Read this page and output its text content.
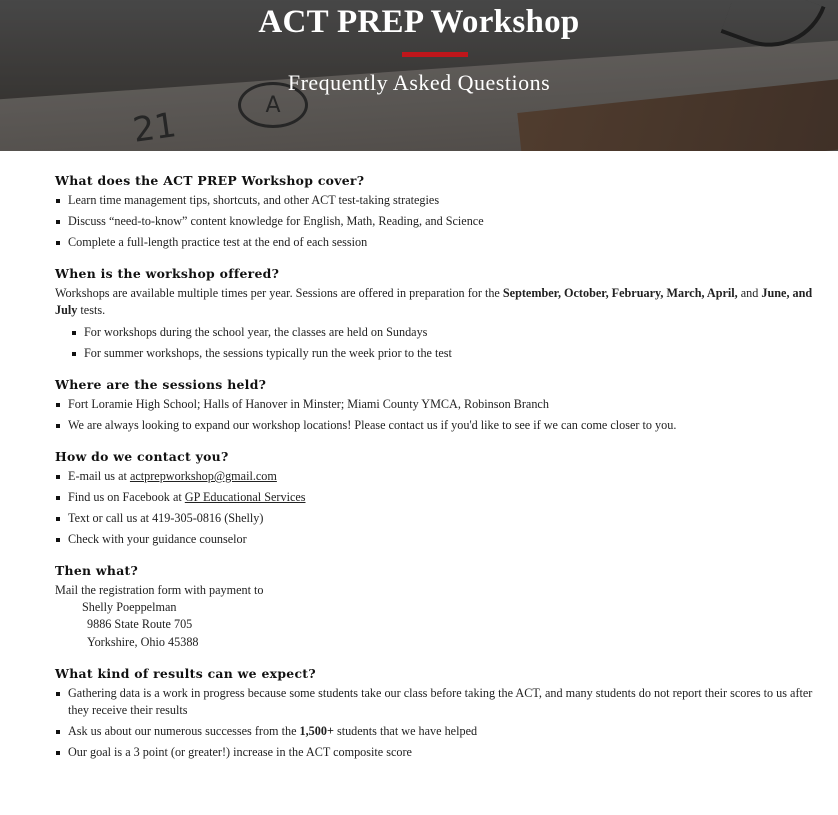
21
A
ACT PREP Workshop
Frequently Asked Questions
What does the ACT PREP Workshop cover?
Learn time management tips, shortcuts, and other ACT test-taking strategies
Discuss “need-to-know” content knowledge for English, Math, Reading, and Science
Complete a full-length practice test at the end of each session
When is the workshop offered?

Workshops are available multiple times per year. Sessions are offered in preparation for the September, October, February, March, April, and June, and July tests.

For workshops during the school year, the classes are held on Sundays
For summer workshops, the sessions typically run the week prior to the test
Where are the sessions held?
Fort Loramie High School; Halls of Hanover in Minster; Miami County YMCA, Robinson Branch
We are always looking to expand our workshop locations! Please contact us if you'd like to see if we can come closer to you.
How do we contact you?
E-mail us at actprepworkshop@gmail.com
Find us on Facebook at GP Educational Services
Text or call us at 419-305-0816 (Shelly)
Check with your guidance counselor
Then what?

Mail the registration form with payment to

Shelly Poeppelman

9886 State Route 705

Yorkshire, Ohio 45388

What kind of results can we expect?
Gathering data is a work in progress because some students take our class before taking the ACT, and many students do not report their scores to us after they receive their results
Ask us about our numerous successes from the 1,500+ students that we have helped
Our goal is a 3 point (or greater!) increase in the ACT composite score
